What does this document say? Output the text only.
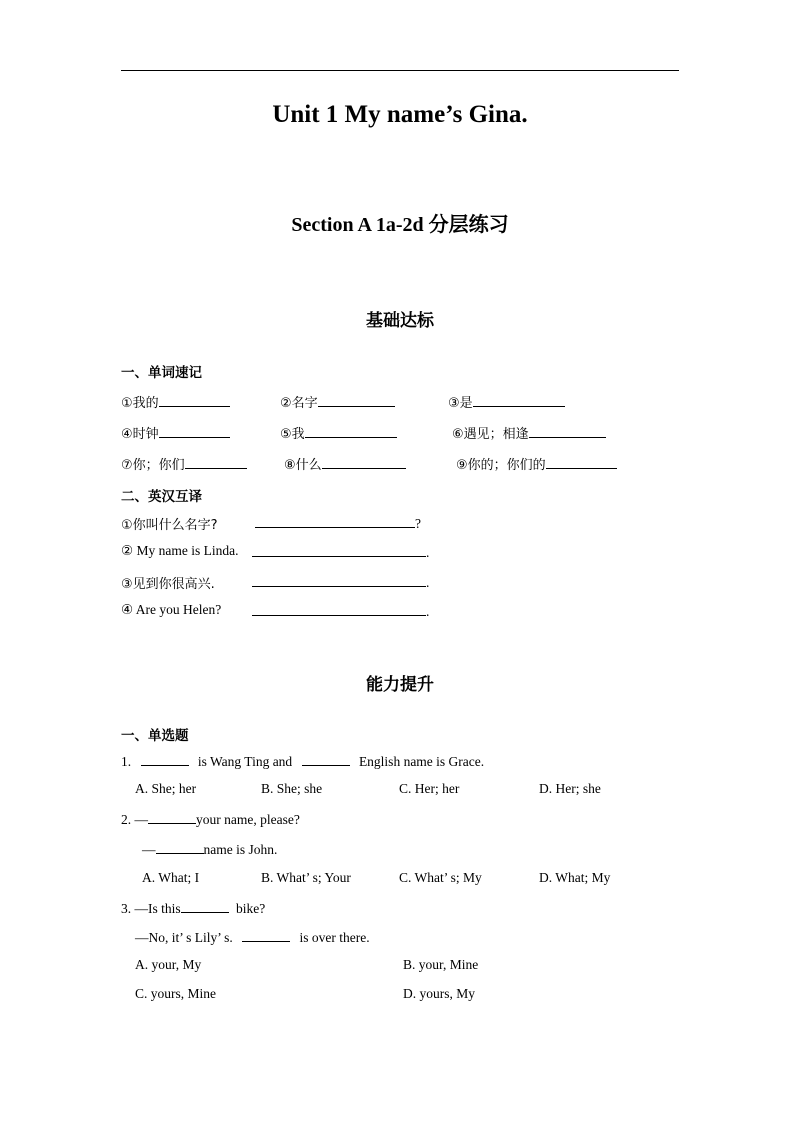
Unit 1 My name’s Gina.
Section A 1a-2d 分层练习
基础达标
一、单词速记
①我的	②名字	③是
④时钟	⑤我	⑥遇见；相逢
⑦你；你们	⑧什么	⑨你的；你们的
二、英汉互译
①你叫什么名字?	?
② My name is Linda.	.
③见到你很高兴.	.
④ Are you Helen?	.
能力提升
一、单选题
1.	is Wang Ting and	English name is Grace.
A. She; her	B. She; she	C. Her; her	D. Her; she
2. —	your name, please?
—	name is John.
A. What; I	B. What’ s; Your	C. What’ s; My	D. What; My
3. —Is this	bike?
—No, it’ s Lily’ s.	is over there.
A. your, My	B. your, Mine
C. yours, Mine	D. yours, My
